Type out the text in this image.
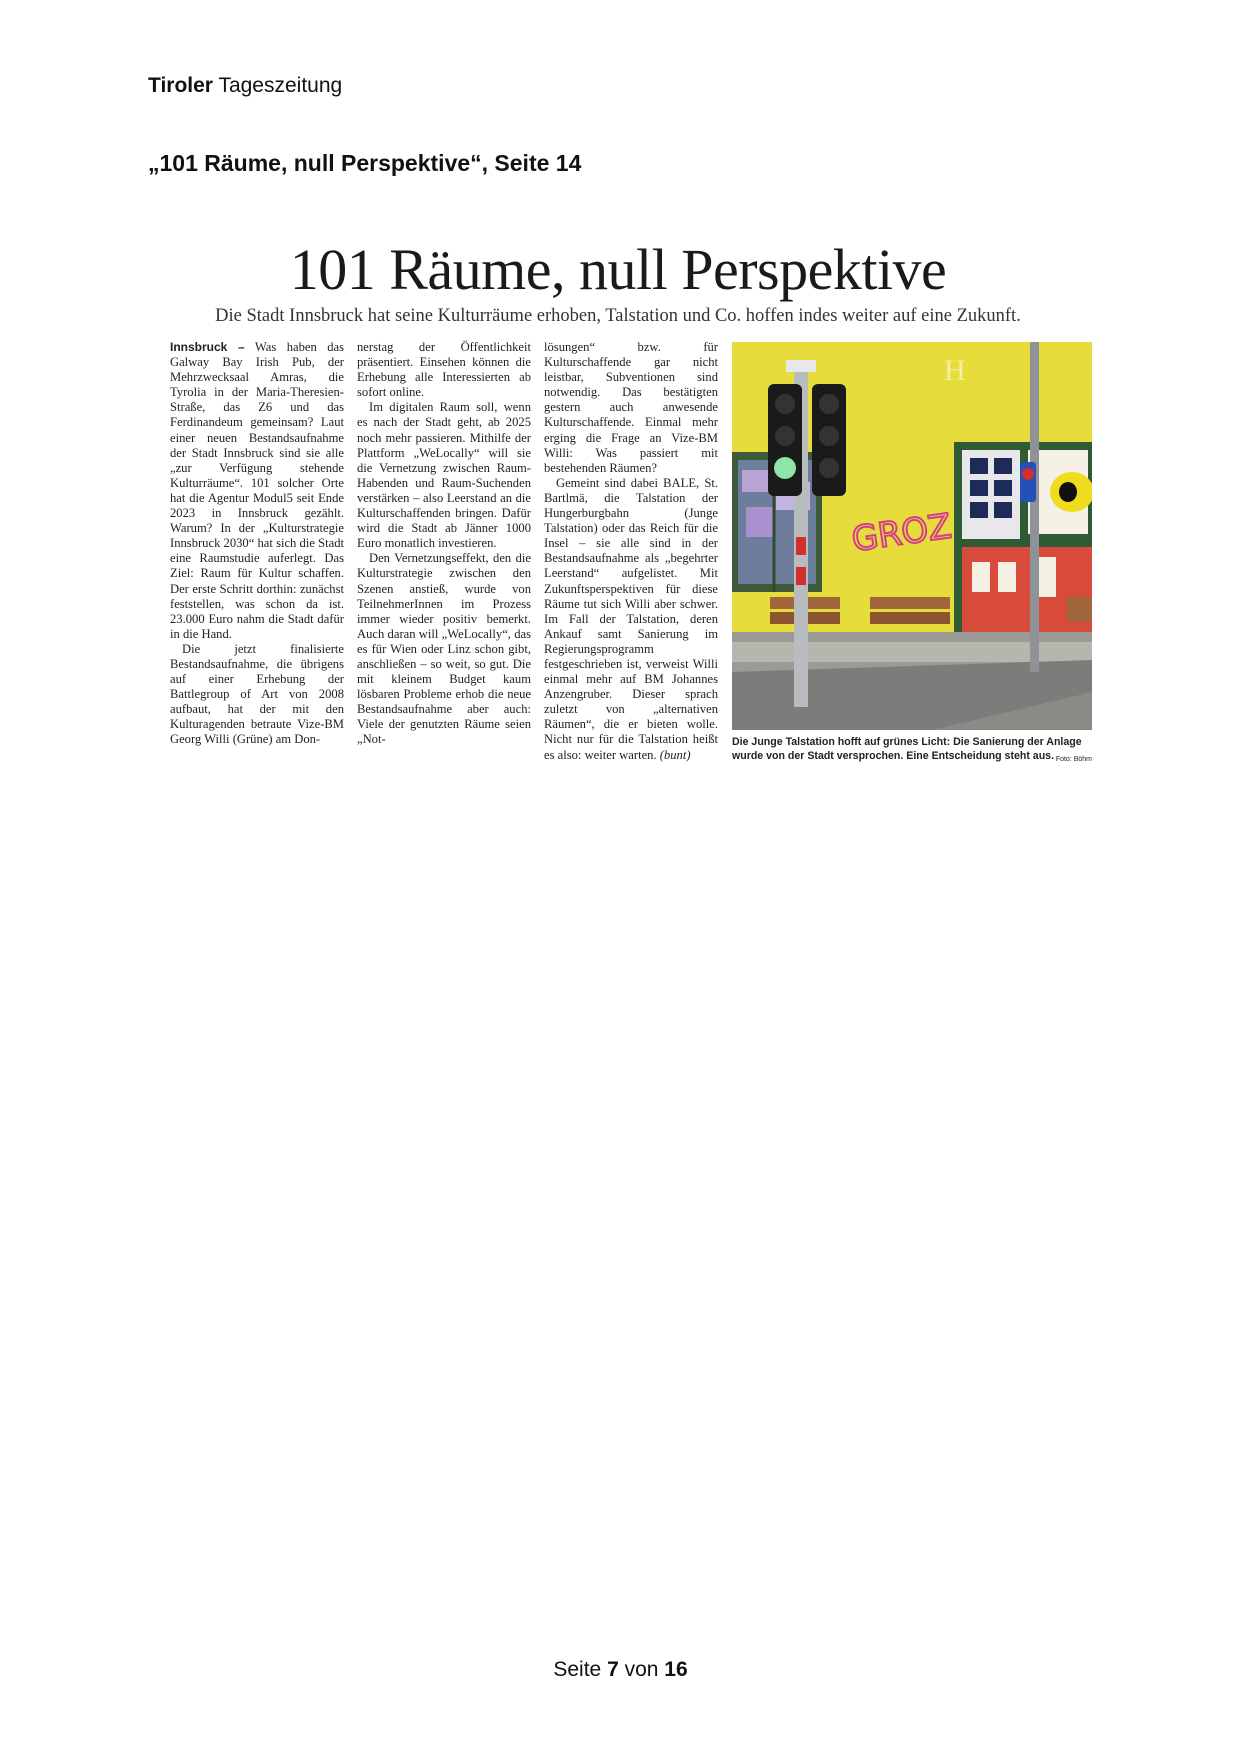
Tiroler Tageszeitung
„101 Räume, null Perspektive“, Seite 14
101 Räume, null Perspektive
Die Stadt Innsbruck hat seine Kulturräume erhoben, Talstation und Co. hoffen indes weiter auf eine Zukunft.

Innsbruck – Was haben das Galway Bay Irish Pub, der Mehrzwecksaal Amras, die Tyrolia in der Maria-Theresien-Straße, das Z6 und das Ferdinandeum gemeinsam? Laut einer neuen Bestandsaufnahme der Stadt Innsbruck sind sie alle „zur Verfügung stehende Kulturräume“. 101 solcher Orte hat die Agentur Modul5 seit Ende 2023 in Innsbruck gezählt. Warum? In der „Kulturstrategie Innsbruck 2030“ hat sich die Stadt eine Raumstudie auferlegt. Das Ziel: Raum für Kultur schaffen. Der erste Schritt dorthin: zunächst feststellen, was schon da ist. 23.000 Euro nahm die Stadt dafür in die Hand.

Die jetzt finalisierte Bestandsaufnahme, die übrigens auf einer Erhebung der Battlegroup of Art von 2008 aufbaut, hat der mit den Kulturagenden betraute Vize-BM Georg Willi (Grüne) am Don-

nerstag der Öffentlichkeit präsentiert. Einsehen können die Erhebung alle Interessierten ab sofort online.

Im digitalen Raum soll, wenn es nach der Stadt geht, ab 2025 noch mehr passieren. Mithilfe der Plattform „WeLocally“ will sie die Vernetzung zwischen Raum-Habenden und Raum-Suchenden verstärken – also Leerstand an die Kulturschaffenden bringen. Dafür wird die Stadt ab Jänner 1000 Euro monatlich investieren.

Den Vernetzungseffekt, den die Kulturstrategie zwischen den Szenen anstieß, wurde von TeilnehmerInnen im Prozess immer wieder positiv bemerkt. Auch daran will „WeLocally“, das es für Wien oder Linz schon gibt, anschließen – so weit, so gut. Die mit kleinem Budget kaum lösbaren Probleme erhob die neue Bestandsaufnahme aber auch: Viele der genutzten Räume seien „Not-

lösungen“ bzw. für Kulturschaffende gar nicht leistbar, Subventionen sind notwendig. Das bestätigten gestern auch anwesende Kulturschaffende. Einmal mehr erging die Frage an Vize-BM Willi: Was passiert mit bestehenden Räumen?

Gemeint sind dabei BALE, St. Bartlmä, die Talstation der Hungerburgbahn (Junge Talstation) oder das Reich für die Insel – sie alle sind in der Bestandsaufnahme als „begehrter Leerstand“ aufgelistet. Mit Zukunftsperspektiven für diese Räume tut sich Willi aber schwer. Im Fall der Talstation, deren Ankauf samt Sanierung im Regierungsprogramm festgeschrieben ist, verweist Willi einmal mehr auf BM Johannes Anzengruber. Dieser sprach zuletzt von „alternativen Räumen“, die er bieten wolle. Nicht nur für die Talstation heißt es also: weiter warten. (bunt)

H
GROZ
Die Junge Talstation hofft auf grünes Licht: Die Sanierung der Anlage wurde von der Stadt versprochen. Eine Entscheidung steht aus. Foto: Böhm
Seite 7 von 16
